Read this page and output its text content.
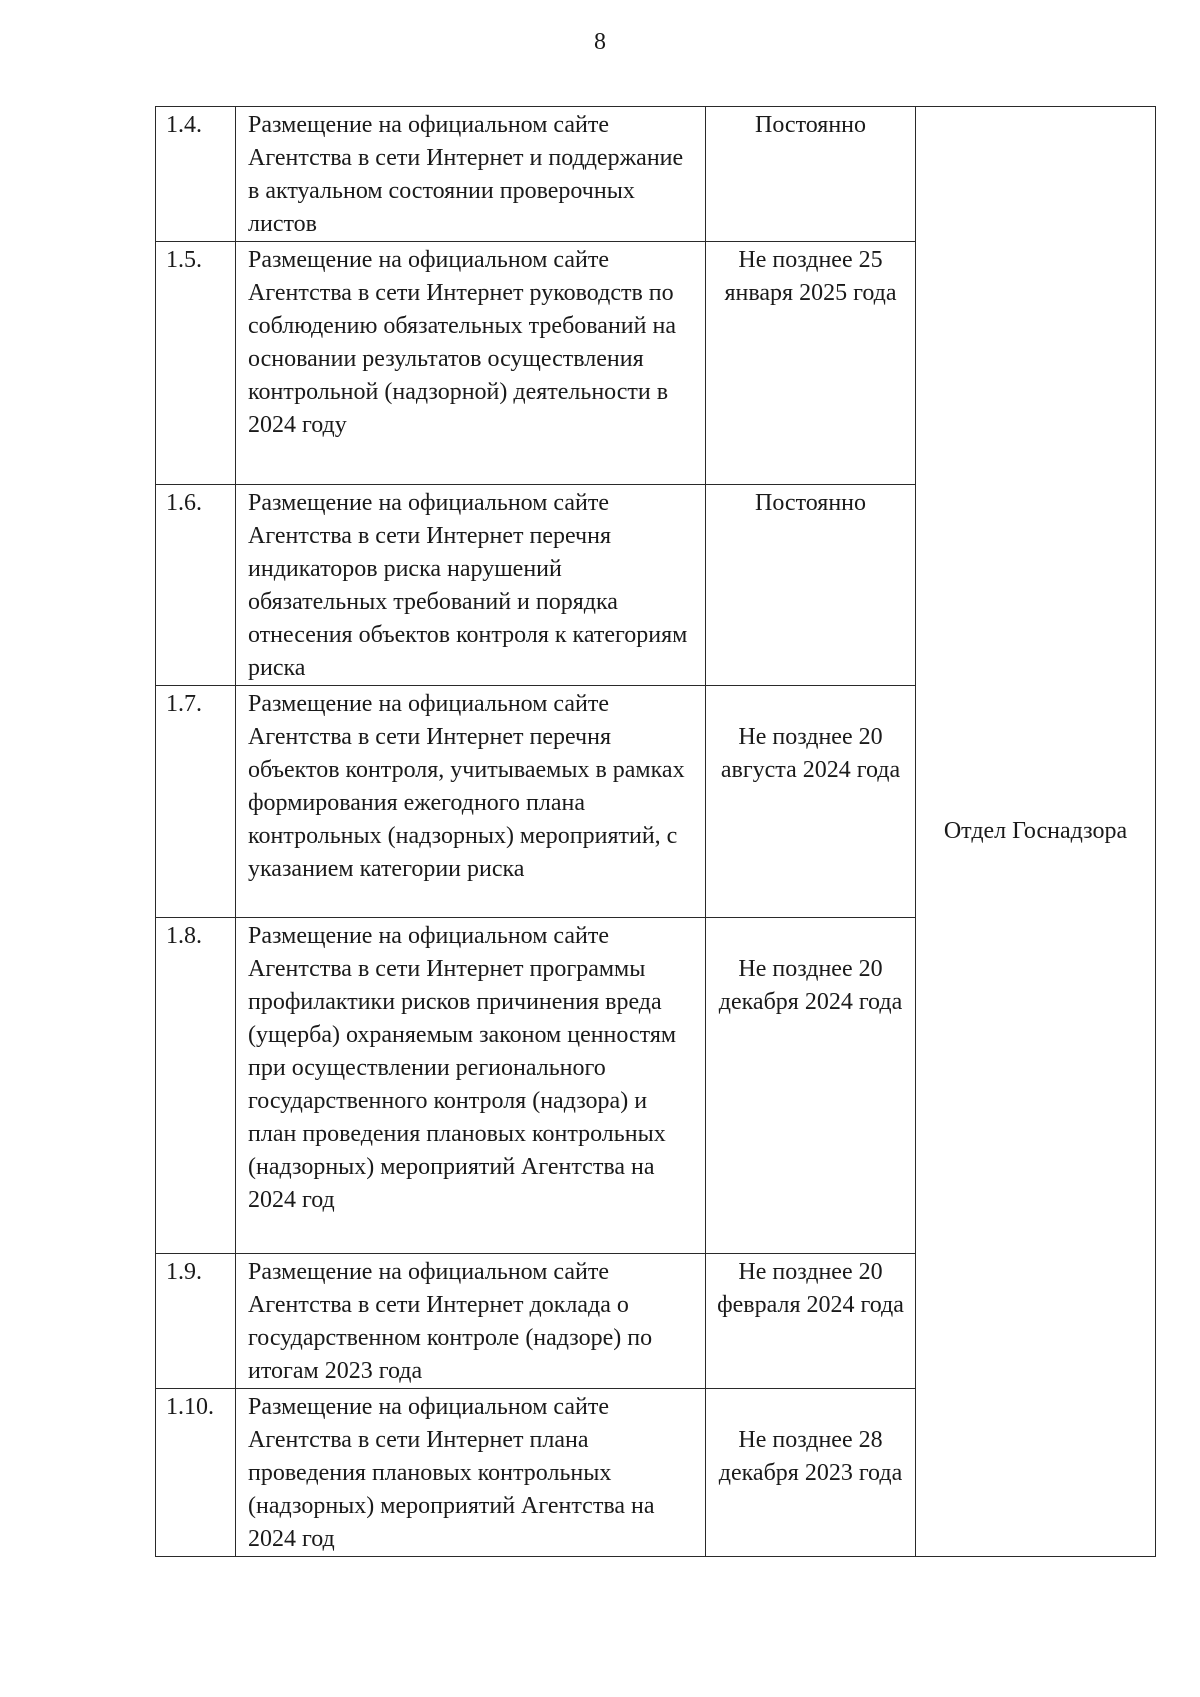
8
1.4.	Размещение на официальном сайте Агентства в сети Интернет и поддержание в актуальном состоянии проверочных листов	Постоянно	Отдел Госнадзора
1.5.	Размещение на официальном сайте Агентства в сети Интернет руководств по соблюдению обязательных требований на основании результатов осуществления контрольной (надзорной) деятельности в 2024 году	Не позднее 25 января 2025 года	
1.6.	Размещение на официальном сайте Агентства в сети Интернет перечня индикаторов риска нарушений обязательных требований и порядка отнесения объектов контроля к категориям риска	Постоянно	
1.7.	Размещение на официальном сайте Агентства в сети Интернет перечня объектов контроля, учитываемых в рамках формирования ежегодного плана контрольных (надзорных) мероприятий, с указанием категории риска	Не позднее 20 августа 2024 года	
1.8.	Размещение на официальном сайте Агентства в сети Интернет программы профилактики рисков причинения вреда (ущерба) охраняемым законом ценностям при осуществлении регионального государственного контроля (надзора) и план проведения плановых контрольных (надзорных) мероприятий Агентства на 2024 год	Не позднее 20 декабря 2024 года	
1.9.	Размещение на официальном сайте Агентства в сети Интернет доклада о государственном контроле (надзоре) по итогам 2023 года	Не позднее 20 февраля 2024 года	
1.10.	Размещение на официальном сайте Агентства в сети Интернет плана проведения плановых контрольных (надзорных) мероприятий Агентства на 2024 год	Не позднее 28 декабря 2023 года	
